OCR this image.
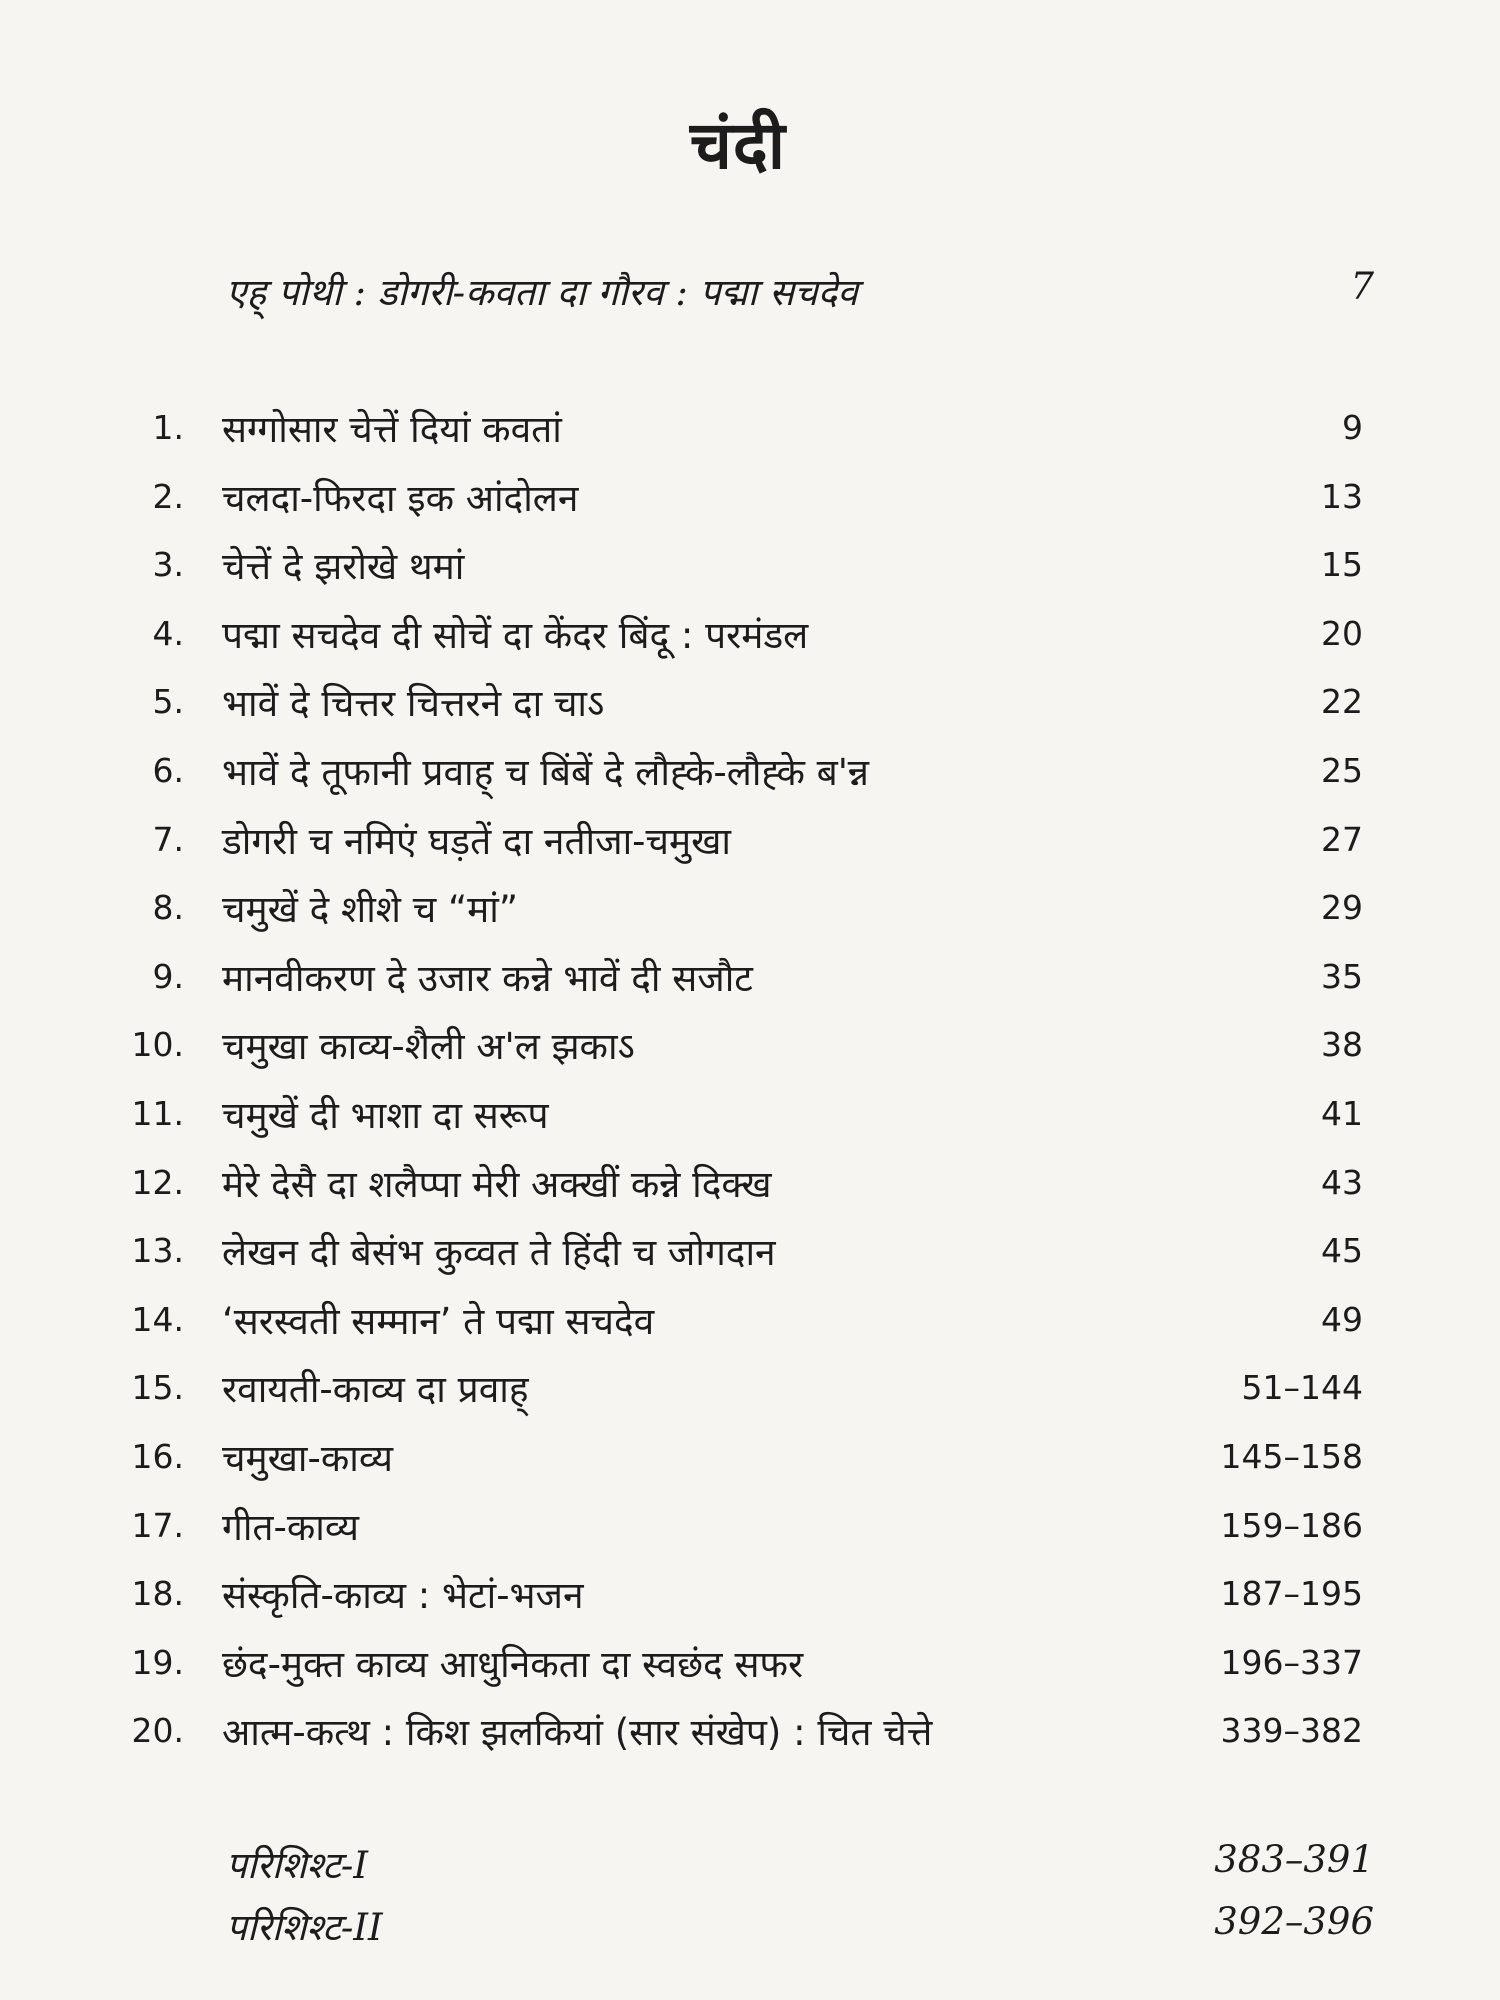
चंदी
एह् पोथी : डोगरी-कवता दा गौरव : पद्मा सचदेव	7
1. सग्गोसार चेत्तें दियां कवतां	9
2. चलदा-फिरदा इक आंदोलन	13
3. चेत्तें दे झरोखे थमां	15
4. पद्मा सचदेव दी सोचें दा केंदर बिंदू : परमंडल	20
5. भावें दे चित्तर चित्तरने दा चाऽ	22
6. भावें दे तूफानी प्रवाह् च बिंबें दे लौह्के-लौह्के ब'न्न	25
7. डोगरी च नमिएं घड़तें दा नतीजा-चमुखा	27
8. चमुखें दे शीशे च “मां”	29
9. मानवीकरण दे उजार कन्ने भावें दी सजौट	35
10. चमुखा काव्य-शैली अ'ल झकाऽ	38
11. चमुखें दी भाशा दा सरूप	41
12. मेरे देसै दा शलैप्पा मेरी अक्खीं कन्ने दिक्ख	43
13. लेखन दी बेसंभ कुव्वत ते हिंदी च जोगदान	45
14. ‘सरस्वती सम्मान’ ते पद्मा सचदेव	49
15. रवायती-काव्य दा प्रवाह्	51–144
16. चमुखा-काव्य	145–158
17. गीत-काव्य	159–186
18. संस्कृति-काव्य : भेटां-भजन	187–195
19. छंद-मुक्त काव्य आधुनिकता दा स्वछंद सफर	196–337
20. आत्म-कत्थ : किश झलकियां (सार संखेप) : चित चेत्ते	339–382
परिशिश्ट-I	383–391
परिशिश्ट-II	392–396
